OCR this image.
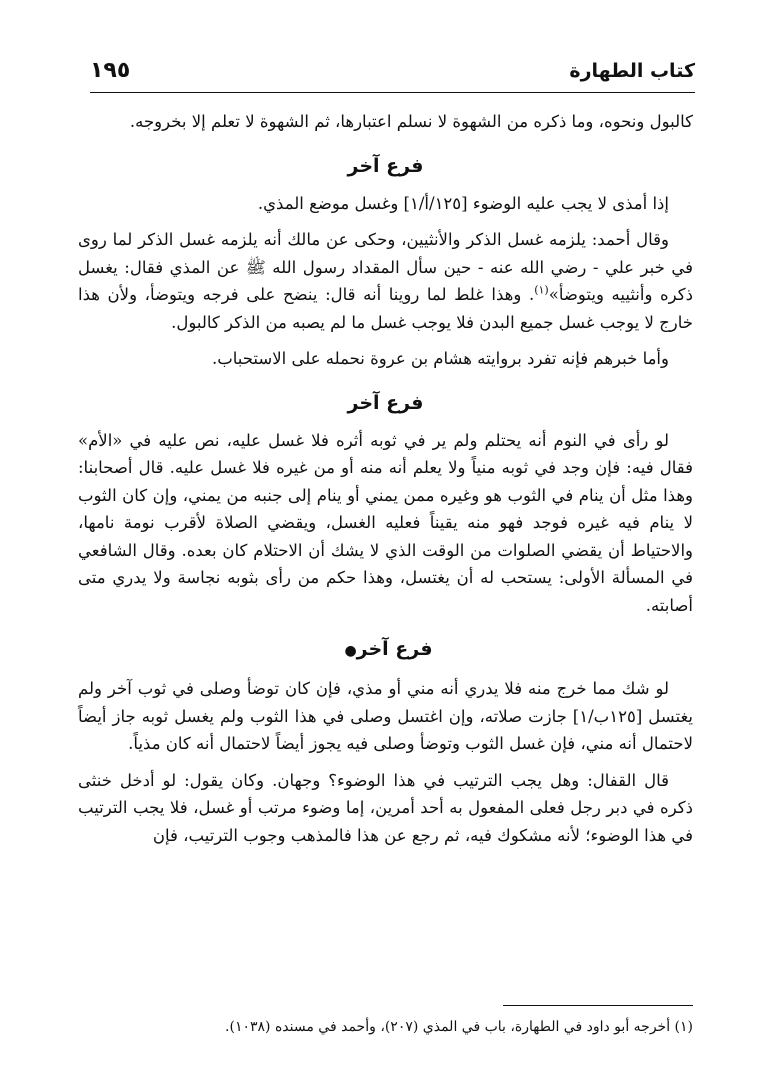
كتاب الطهارة
١٩٥

كالبول ونحوه، وما ذكره من الشهوة لا نسلم اعتبارها، ثم الشهوة لا تعلم إلا بخروجه.

فرع آخر

إذا أمذى لا يجب عليه الوضوء [١٢٥/أ/١] وغسل موضع المذي.

وقال أحمد: يلزمه غسل الذكر والأنثيين، وحكى عن مالك أنه يلزمه غسل الذكر لما روى في خبر علي - رضي الله عنه - حين سأل المقداد رسول الله ﷺ عن المذي فقال: يغسل ذكره وأنثييه ويتوضأ»$^{(١)}$. وهذا غلط لما روينا أنه قال: ينضح على فرجه ويتوضأ، ولأن هذا خارج لا يوجب غسل جميع البدن فلا يوجب غسل ما لم يصبه من الذكر كالبول.

وأما خبرهم فإنه تفرد بروايته هشام بن عروة نحمله على الاستحباب.

فرع آخر

لو رأى في النوم أنه يحتلم ولم ير في ثوبه أثره فلا غسل عليه، نص عليه في «الأم» فقال فيه: فإن وجد في ثوبه منياً ولا يعلم أنه منه أو من غيره فلا غسل عليه. قال أصحابنا: وهذا مثل أن ينام في الثوب هو وغيره ممن يمني أو ينام إلى جنبه من يمني، وإن كان الثوب لا ينام فيه غيره فوجد فهو منه يقيناً فعليه الغسل، ويقضي الصلاة لأقرب نومة نامها، والاحتياط أن يقضي الصلوات من الوقت الذي لا يشك أن الاحتلام كان بعده. وقال الشافعي في المسألة الأولى: يستحب له أن يغتسل، وهذا حكم من رأى بثوبه نجاسة ولا يدري متى أصابته.

فرع آخر●

لو شك مما خرج منه فلا يدري أنه مني أو مذي، فإن كان توضأ وصلى في ثوب آخر ولم يغتسل [١٢٥ب/١] جازت صلاته، وإن اغتسل وصلى في هذا الثوب ولم يغسل ثوبه جاز أيضاً لاحتمال أنه مني، فإن غسل الثوب وتوضأ وصلى فيه يجوز أيضاً لاحتمال أنه كان مذياً.

قال القفال: وهل يجب الترتيب في هذا الوضوء؟ وجهان. وكان يقول: لو أدخل خنثى ذكره في دبر رجل فعلى المفعول به أحد أمرين، إما وضوء مرتب أو غسل، فلا يجب الترتيب في هذا الوضوء؛ لأنه مشكوك فيه، ثم رجع عن هذا فالمذهب وجوب الترتيب، فإن

(١) أخرجه أبو داود في الطهارة، باب في المذي (٢٠٧)، وأحمد في مسنده (١٠٣٨).
